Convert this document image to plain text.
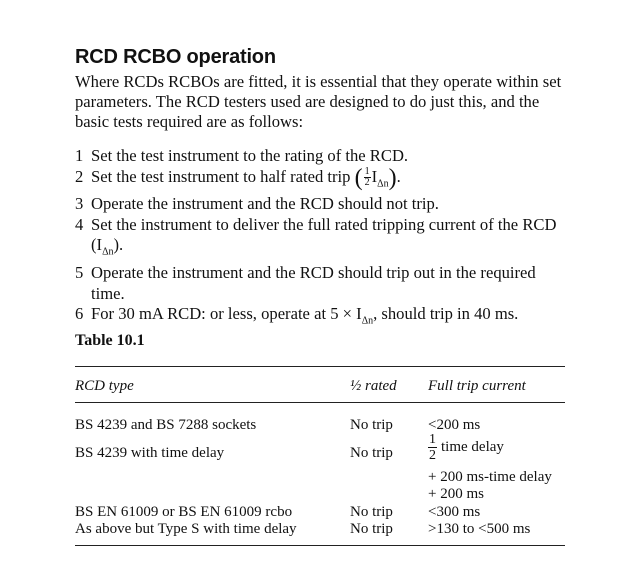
RCD RCBO operation
Where RCDs RCBOs are fitted, it is essential that they operate within set parameters. The RCD testers used are designed to do just this, and the basic tests required are as follows:
1 Set the test instrument to the rating of the RCD.
2 Set the test instrument to half rated trip ( $\frac{1}{2} I_{\Delta n}$).
3 Operate the instrument and the RCD should not trip.
4 Set the instrument to deliver the full rated tripping current of the RCD $(I_{\Delta n})$.
5 Operate the instrument and the RCD should trip out in the required time.
6 For 30 mA RCD: or less, operate at $5 \times I_{\Delta n}$, should trip in 40 ms.
Table 10.1
RCD type	½ rated Full trip current
BS 4239 and BS 7288 sockets	No trip <200 ms
BS 4239 with time delay	No trip	$\frac{1}{2}$ time delay
+ 200 ms-time delay
+ 200 ms
BS EN 61009 or BS EN 61009 rcbo	No trip <300 ms
As above but Type S with time delay	No trip >130 to <500 ms
